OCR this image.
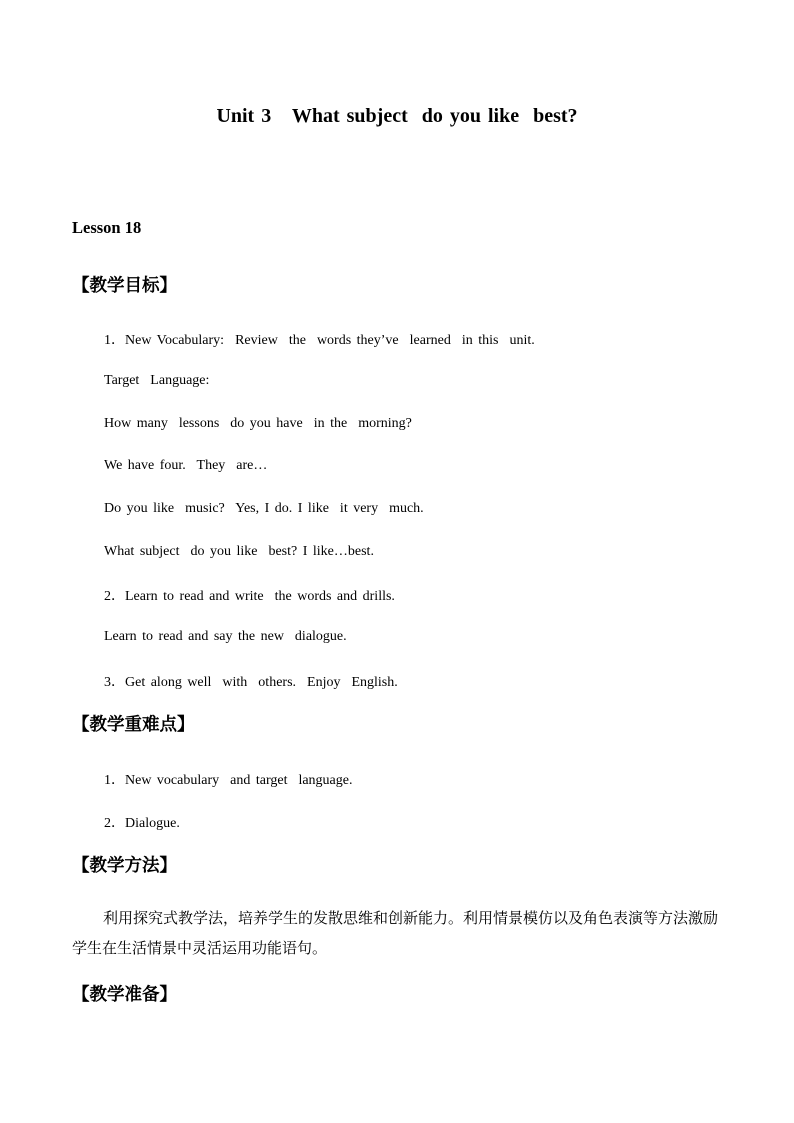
Unit 3   What subject  do you like  best?
Lesson 18
【教学目标】
1．New Vocabulary:  Review  the  words they’ve  learned  in this  unit.
Target  Language:
How many  lessons  do you have  in the  morning?
We have four.  They  are…
Do you like  music?  Yes, I do. I like  it very  much.
What subject  do you like  best? I like…best.
2．Learn to read and write  the words and drills.
Learn to read and say the new  dialogue.
3．Get along well  with  others.  Enjoy  English.
【教学重难点】
1．New vocabulary  and target  language.
2．Dialogue.
【教学方法】
利用探究式教学法，培养学生的发散思维和创新能力。利用情景模仿以及角色表演等方法激励学生在生活情景中灵活运用功能语句。
【教学准备】
